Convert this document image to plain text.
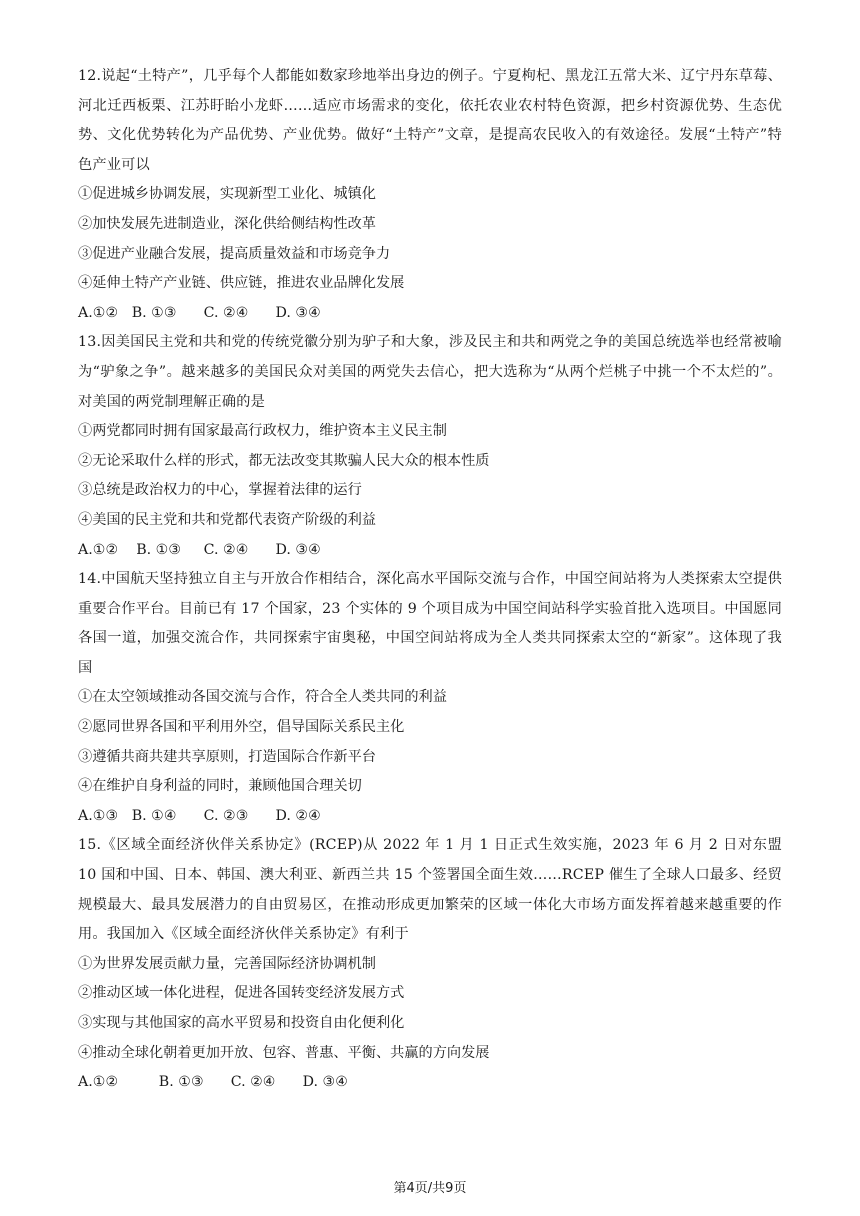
12.说起“土特产”，几乎每个人都能如数家珍地举出身边的例子。宁夏枸杞、黑龙江五常大米、辽宁丹东草莓、河北迁西板栗、江苏盱眙小龙虾……适应市场需求的变化，依托农业农村特色资源，把乡村资源优势、生态优势、文化优势转化为产品优势、产业优势。做好“土特产”文章，是提高农民收入的有效途径。发展“土特产”特色产业可以

①促进城乡协调发展，实现新型工业化、城镇化

②加快发展先进制造业，深化供给侧结构性改革

③促进产业融合发展，提高质量效益和市场竞争力

④延伸土特产产业链、供应链，推进农业品牌化发展

A.①②   B. ①③      C. ②④      D. ③④

13.因美国民主党和共和党的传统党徽分别为驴子和大象，涉及民主和共和两党之争的美国总统选举也经常被喻为“驴象之争”。越来越多的美国民众对美国的两党失去信心，把大选称为“从两个烂桃子中挑一个不太烂的”。对美国的两党制理解正确的是

①两党都同时拥有国家最高行政权力，维护资本主义民主制

②无论采取什么样的形式，都无法改变其欺骗人民大众的根本性质

③总统是政治权力的中心，掌握着法律的运行

④美国的民主党和共和党都代表资产阶级的利益

A.①②    B. ①③     C. ②④      D. ③④

14.中国航天坚持独立自主与开放合作相结合，深化高水平国际交流与合作，中国空间站将为人类探索太空提供重要合作平台。目前已有 17 个国家，23 个实体的 9 个项目成为中国空间站科学实验首批入选项目。中国愿同各国一道，加强交流合作，共同探索宇宙奥秘，中国空间站将成为全人类共同探索太空的“新家”。这体现了我国

①在太空领域推动各国交流与合作，符合全人类共同的利益

②愿同世界各国和平利用外空，倡导国际关系民主化

③遵循共商共建共享原则，打造国际合作新平台

④在维护自身利益的同时，兼顾他国合理关切

A.①③   B. ①④      C. ②③      D. ②④

15.《区域全面经济伙伴关系协定》(RCEP)从 2022 年 1 月 1 日正式生效实施，2023 年 6 月 2 日对东盟 10 国和中国、日本、韩国、澳大利亚、新西兰共 15 个签署国全面生效……RCEP 催生了全球人口最多、经贸规模最大、最具发展潜力的自由贸易区，在推动形成更加繁荣的区域一体化大市场方面发挥着越来越重要的作用。我国加入《区域全面经济伙伴关系协定》有利于

①为世界发展贡献力量，完善国际经济协调机制

②推动区域一体化进程，促进各国转变经济发展方式

③实现与其他国家的高水平贸易和投资自由化便利化

④推动全球化朝着更加开放、包容、普惠、平衡、共赢的方向发展

A.①②         B. ①③      C. ②④      D. ③④

第4页/共9页
